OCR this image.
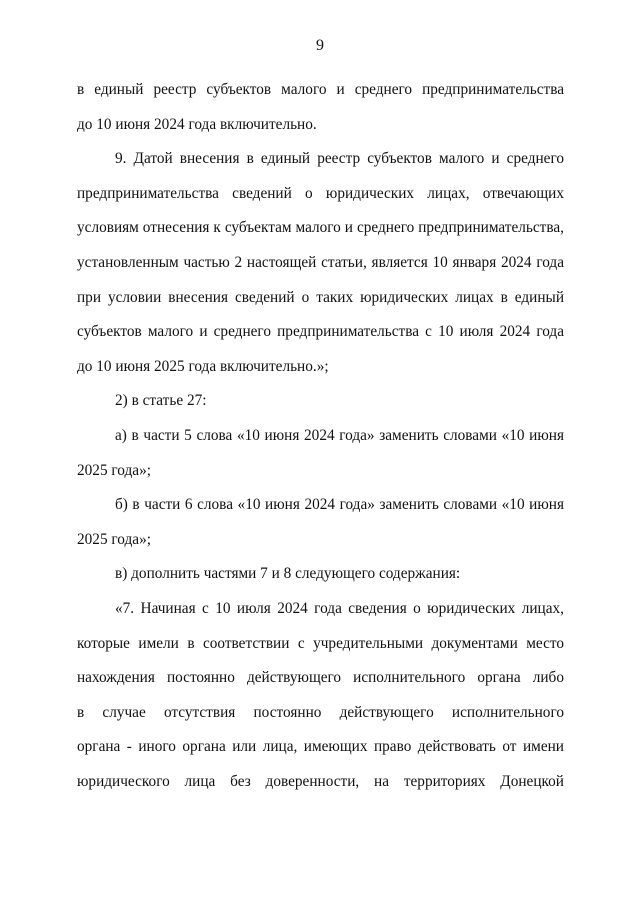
9
в единый реестр субъектов малого и среднего предпринимательства
до 10 июня 2024 года включительно.
9. Датой внесения в единый реестр субъектов малого и среднего
предпринимательства сведений о юридических лицах, отвечающих
условиям отнесения к субъектам малого и среднего предпринимательства,
установленным частью 2 настоящей статьи, является 10 января 2024 года
при условии внесения сведений о таких юридических лицах в единый
субъектов малого и среднего предпринимательства с 10 июля 2024 года
до 10 июня 2025 года включительно.»;
2) в статье 27:
а) в части 5 слова «10 июня 2024 года» заменить словами «10 июня
2025 года»;
б) в части 6 слова «10 июня 2024 года» заменить словами «10 июня
2025 года»;
в) дополнить частями 7 и 8 следующего содержания:
«7. Начиная с 10 июля 2024 года сведения о юридических лицах,
которые имели в соответствии с учредительными документами место
нахождения постоянно действующего исполнительного органа либо
в случае отсутствия постоянно действующего исполнительного
органа - иного органа или лица, имеющих право действовать от имени
юридического лица без доверенности, на территориях Донецкой
